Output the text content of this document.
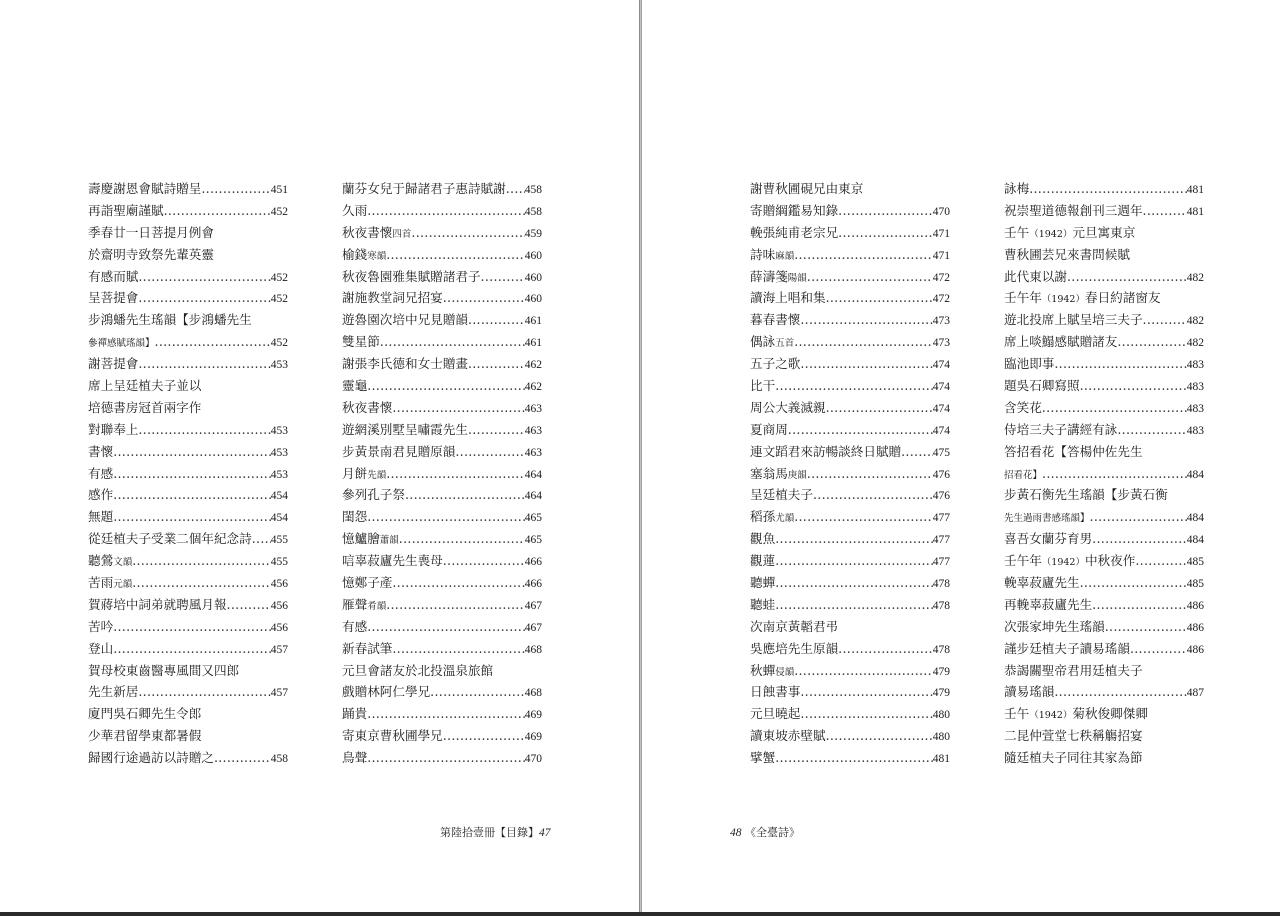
壽慶謝恩會賦詩贈呈 .....	451
再詣聖廟謹賦 .....	452
季春廿一日菩提月例會
於齋明寺致祭先輩英靈
有感而賦 .....	452
呈菩提會 .....	452
步鴻蟠先生瑤韻【步鴻蟠先生
參禪感賦瑤韻】 .....	452
謝菩提會 .....	453
席上呈廷植夫子並以
培德書房冠首兩字作
對聯奉上 .....	453
書懷 .....	453
有感 .....	453
感作 .....	454
無題 .....	454
從廷植夫子受業二個年紀念詩 ..... 455
聽鶯文韻 .....	455
苦雨元韻 .....	456
賀蔣培中詞弟就聘風月報 .....	456
苦吟 .....	456
登山 .....	457
賀母校東齒醫專風間又四郎
先生新居 .....	457
廈門吳石卿先生令郎
少華君留學東都暑假
歸國行途過訪以詩贈之 .....	458
蘭芬女兒于歸諸君子惠詩賦謝 ..... 458
久雨 .....	458
秋夜書懷四首 .....	459
榆錢寒韻 .....	460
秋夜魯園雅集賦贈諸君子 .....	460
謝施教堂詞兄招宴 .....	460
遊魯園次培中兄見贈韻 .....	461
雙星節 .....	461
謝張李氏德和女士贈畫 .....	462
靈龜 .....	462
秋夜書懷 .....	463
遊網溪別墅呈嘯霞先生 .....	463
步黃景南君見贈原韻 .....	463
月餅先韻 .....	464
參列孔子祭 .....	464
閨怨 .....	465
憶鱸膾蕭韻 .....	465
唁辜菽廬先生喪母 .....	466
憶鄭子產 .....	466
雁聲肴韻 .....	467
有感 .....	467
新春試筆 .....	468
元旦會諸友於北投溫泉旅館
戲贈林阿仁學兄 .....	468
踊貴 .....	469
寄東京曹秋圃學兄 .....	469
鳥聲 .....	470
第陸拾壹冊【目錄】47
謝曹秋圃硯兄由東京
寄贈綱鑑易知錄 .....	470
輓張純甫老宗兄 .....	471
詩味麻韻 .....	471
薛濤箋陽韻 .....	472
讀海上唱和集 .....	472
暮春書懷 .....	473
偶詠五首 .....	473
五子之歌 .....	474
比干 .....	474
周公大義滅親 .....	474
夏商周 .....	474
連文蹈君來訪暢談終日賦贈 .....	475
塞翁馬庚韻 .....	476
呈廷植夫子 .....	476
稻孫尤韻 .....	477
觀魚 .....	477
觀蓮 .....	477
聽蟬 .....	478
聽蛙 .....	478
次南京黃韜君弔
吳應培先生原韻 .....	478
秋蟬侵韻 .....	479
日蝕書事 .....	479
元旦曉起 .....	480
讀東坡赤壁賦 .....	480
擘蟹 .....	481
詠梅 .....	481
祝崇聖道德報創刊三週年 .....	481
壬午（1942）元旦寓東京
曹秋圃芸兄來書問候賦
此代東以謝 .....	482
壬午年（1942）春日約諸窗友
遊北投席上賦呈培三夫子 .....	482
席上啖鰨感賦贈諸友 .....	482
臨池即事 .....	483
題吳石卿寫照 .....	483
含笑花 .....	483
侍培三夫子講經有詠 .....	483
答招看花【答楊仲佐先生
招看花】 .....	484
步黃石衡先生瑤韻【步黃石衡
先生過雨書感瑤韻】 .....	484
喜吾女蘭芬育男 .....	484
壬午年（1942）中秋夜作 .....	485
輓辜菽廬先生 .....	485
再輓辜菽廬先生 .....	486
次張家坤先生瑤韻 .....	486
謹步廷植夫子讀易瑤韻 .....	486
恭謁關聖帝君用廷植夫子
讀易瑤韻 .....	487
壬午（1942）菊秋俊卿傑卿
二昆仲萱堂七秩稱觴招宴
隨廷植夫子同往其家為節
48 《全臺詩》
